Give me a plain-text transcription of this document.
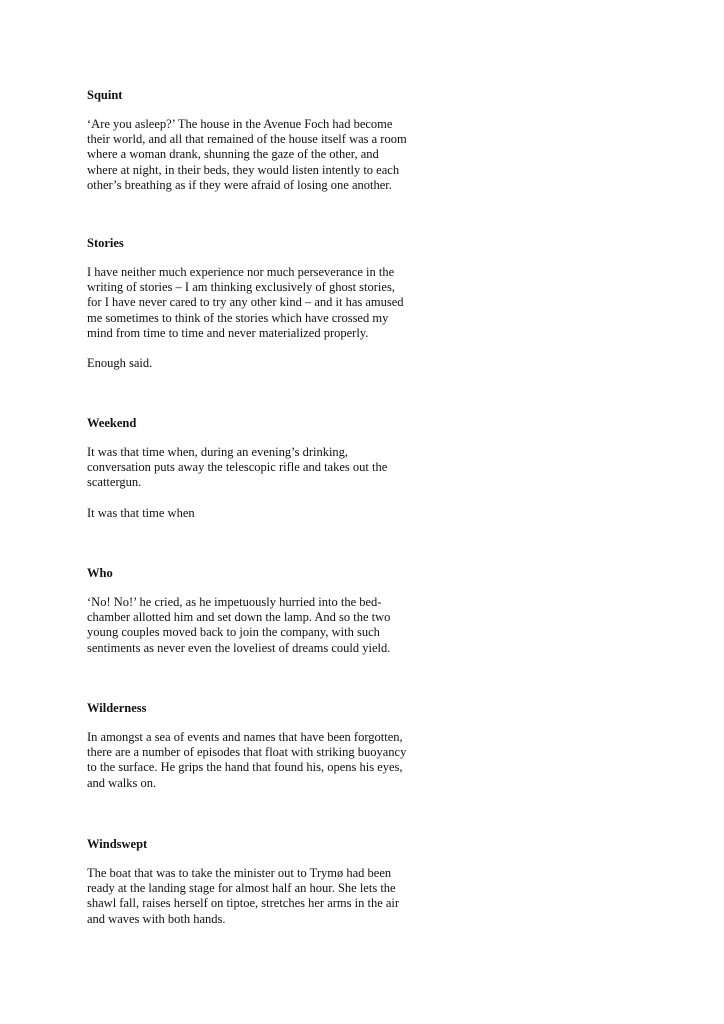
Squint

‘Are you asleep?’ The house in the Avenue Foch had become their world, and all that remained of the house itself was a room where a woman drank, shunning the gaze of the other, and where at night, in their beds, they would listen intently to each other’s breathing as if they were afraid of losing one another.

Stories

I have neither much experience nor much perseverance in the writing of stories – I am thinking exclusively of ghost stories, for I have never cared to try any other kind – and it has amused me sometimes to think of the stories which have crossed my mind from time to time and never materialized properly.

Enough said.

Weekend

It was that time when, during an evening’s drinking, conversation puts away the telescopic rifle and takes out the scattergun.

It was that time when

Who

‘No! No!’ he cried, as he impetuously hurried into the bed-chamber allotted him and set down the lamp. And so the two young couples moved back to join the company, with such sentiments as never even the loveliest of dreams could yield.

Wilderness

In amongst a sea of events and names that have been forgotten, there are a number of episodes that float with striking buoyancy to the surface. He grips the hand that found his, opens his eyes, and walks on.

Windswept

The boat that was to take the minister out to Trymø had been ready at the landing stage for almost half an hour. She lets the shawl fall, raises herself on tiptoe, stretches her arms in the air and waves with both hands.
